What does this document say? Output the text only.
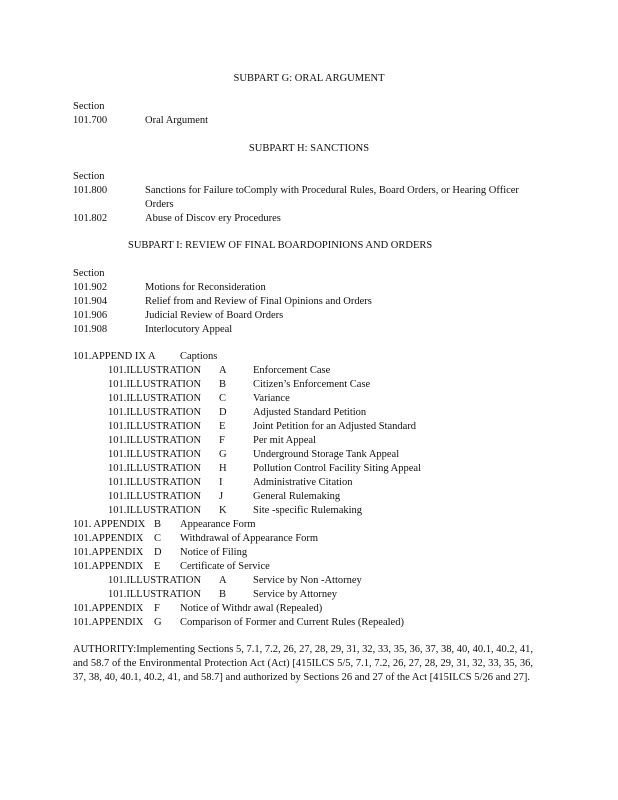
SUBPART G: ORAL ARGUMENT
Section
101.700	Oral Argument
SUBPART H: SANCTIONS
Section
101.800	Sanctions for Failure toComply with Procedural Rules, Board Orders, or Hearing Officer Orders
101.802	Abuse of Discov ery Procedures
SUBPART I: REVIEW OF FINAL BOARDOPINIONS AND ORDERS
Section
101.902	Motions for Reconsideration
101.904	Relief from and Review of Final Opinions and Orders
101.906	Judicial Review of Board Orders
101.908	Interlocutory Appeal
101.APPEND IX A Captions
101.ILLUSTRATION A	Enforcement Case
101.ILLUSTRATION B	Citizen’s Enforcement Case
101.ILLUSTRATION C	Variance
101.ILLUSTRATION D	Adjusted Standard Petition
101.ILLUSTRATION E	Joint Petition for an Adjusted Standard
101.ILLUSTRATION F	Per mit Appeal
101.ILLUSTRATION G	Underground Storage Tank Appeal
101.ILLUSTRATION H	Pollution Control Facility Siting Appeal
101.ILLUSTRATION I	Administrative Citation
101.ILLUSTRATION J	General Rulemaking
101.ILLUSTRATION K	Site -specific Rulemaking
101. APPENDIX B Appearance Form
101.APPENDIX C Withdrawal of Appearance Form
101.APPENDIX D Notice of Filing
101.APPENDIX E Certificate of Service
101.ILLUSTRATION A	Service by Non -Attorney
101.ILLUSTRATION B	Service by Attorney
101.APPENDIX F Notice of Withdr awal (Repealed)
101.APPENDIX G Comparison of Former and Current Rules (Repealed)
AUTHORITY:Implementing Sections 5, 7.1, 7.2, 26, 27, 28, 29, 31, 32, 33, 35, 36, 37, 38, 40, 40.1, 40.2, 41, and 58.7 of the Environmental Protection Act (Act) [415ILCS 5/5, 7.1, 7.2, 26, 27, 28, 29, 31, 32, 33, 35, 36, 37, 38, 40, 40.1, 40.2, 41, and 58.7] and authorized by Sections 26 and 27 of the Act [415ILCS 5/26 and 27].
